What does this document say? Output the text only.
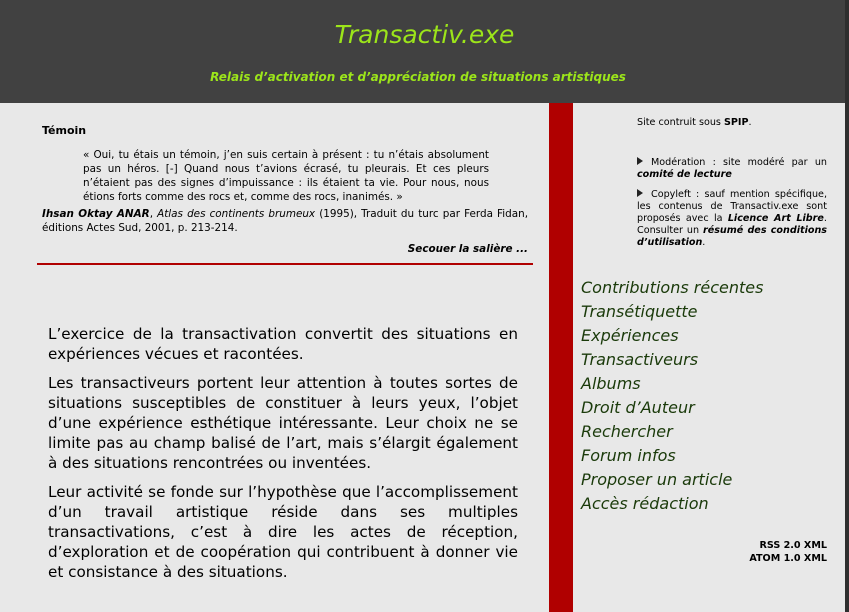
Transactiv.exe
Relais d’activation et d’appréciation de situations artistiques
Témoin
« Oui, tu étais un témoin, j’en suis certain à présent : tu n’étais absolument pas un héros. [-] Quand nous t’avions écrasé, tu pleurais. Et ces pleurs n’étaient pas des signes d’impuissance : ils étaient ta vie. Pour nous, nous étions forts comme des rocs et, comme des rocs, inanimés. »
Ihsan Oktay ANAR, Atlas des continents brumeux (1995), Traduit du turc par Ferda Fidan, éditions Actes Sud, 2001, p. 213-214.
Secouer la salière ...

L’exercice de la transactivation convertit des situations en expériences vécues et racontées.

Les transactiveurs portent leur attention à toutes sortes de situations susceptibles de constituer à leurs yeux, l’objet d’une expérience esthétique intéressante. Leur choix ne se limite pas au champ balisé de l’art, mais s’élargit également à des situations rencontrées ou inventées.

Leur activité se fonde sur l’hypothèse que l’accomplissement d’un travail artistique réside dans ses multiples transactivations, c’est à dire les actes de réception, d’exploration et de coopération qui contribuent à donner vie et consistance à des situations.

Site contruit sous SPIP.
Modération : site modéré par un comité de lecture
Copyleft : sauf mention spécifique, les contenus de Transactiv.exe sont proposés avec la Licence Art Libre. Consulter un résumé des conditions d’utilisation.
Contributions récentes
Transétiquette
Expériences
Transactiveurs
Albums
Droit d’Auteur
Rechercher
Forum infos
Proposer un article
Accès rédaction
RSS 2.0 XML
ATOM 1.0 XML
